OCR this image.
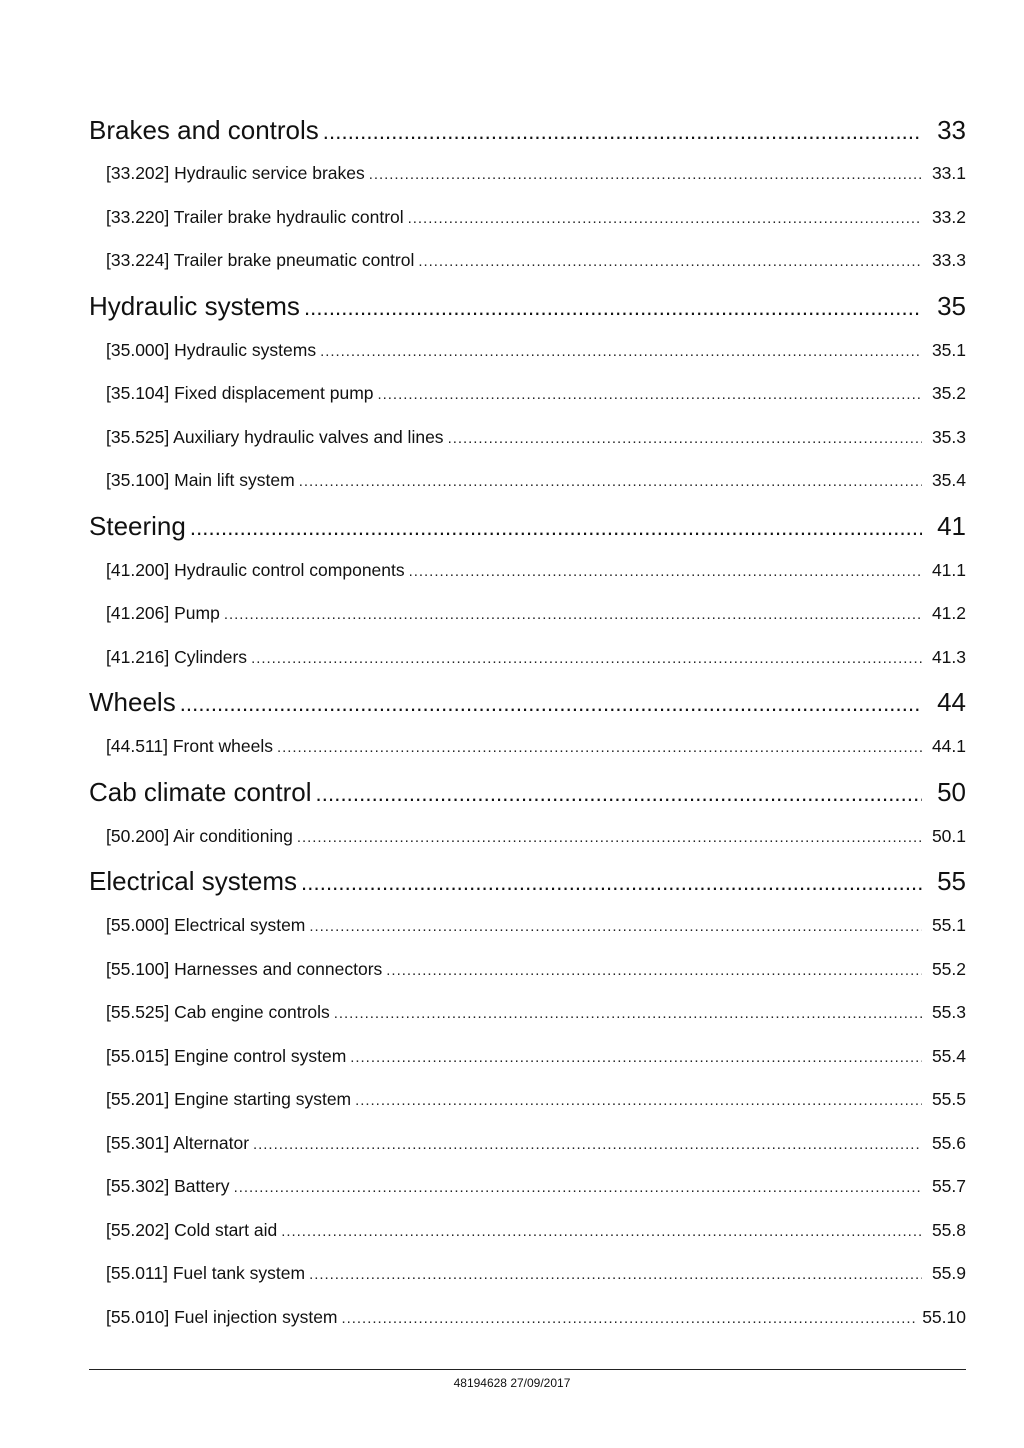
Brakes and controls . . .	33
[33.202] Hydraulic service brakes . . .	33.1
[33.220] Trailer brake hydraulic control . . .	33.2
[33.224] Trailer brake pneumatic control . . .	33.3
Hydraulic systems . . .	35
[35.000] Hydraulic systems . . .	35.1
[35.104] Fixed displacement pump . . .	35.2
[35.525] Auxiliary hydraulic valves and lines . . .	35.3
[35.100] Main lift system . . .	35.4
Steering . . .	41
[41.200] Hydraulic control components . . .	41.1
[41.206] Pump . . .	41.2
[41.216] Cylinders . . .	41.3
Wheels . . .	44
[44.511] Front wheels . . .	44.1
Cab climate control . . .	50
[50.200] Air conditioning . . .	50.1
Electrical systems . . .	55
[55.000] Electrical system . . .	55.1
[55.100] Harnesses and connectors . . .	55.2
[55.525] Cab engine controls . . .	55.3
[55.015] Engine control system . . .	55.4
[55.201] Engine starting system . . .	55.5
[55.301] Alternator . . .	55.6
[55.302] Battery . . .	55.7
[55.202] Cold start aid . . .	55.8
[55.011] Fuel tank system . . .	55.9
[55.010] Fuel injection system . . .	55.10
48194628 27/09/2017
